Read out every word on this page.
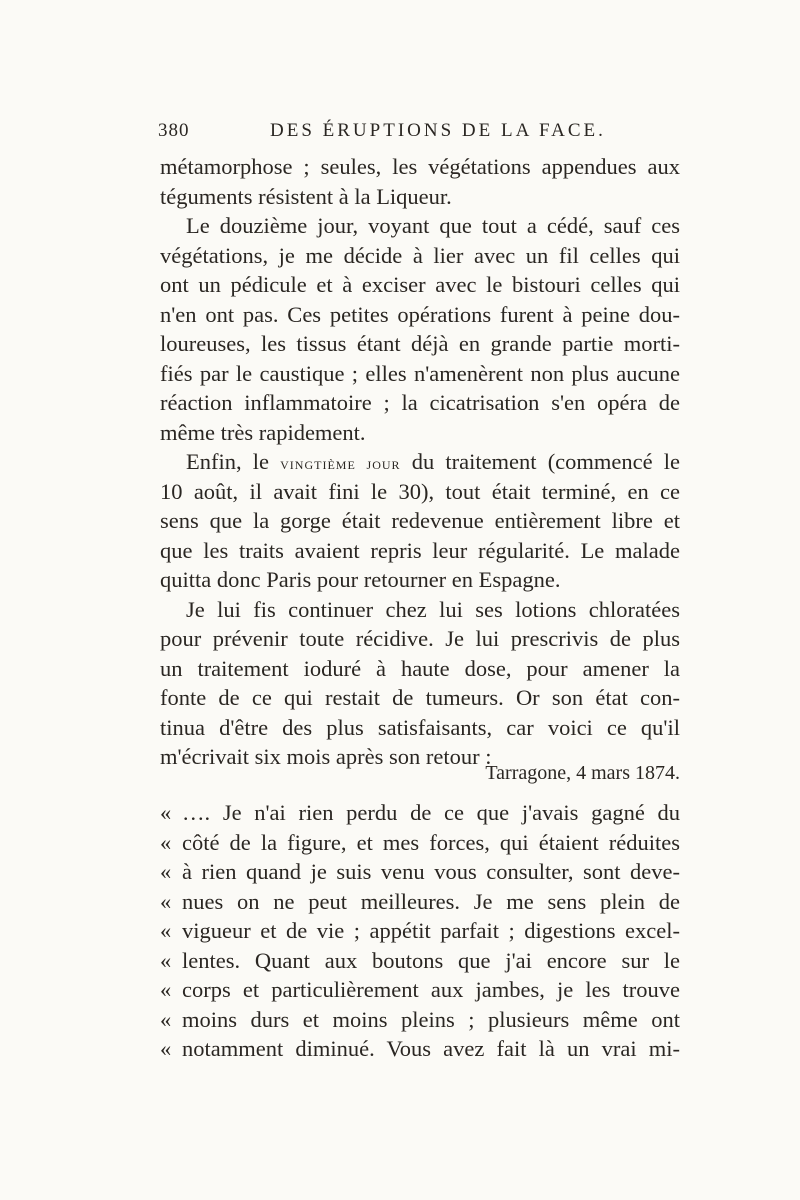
380	DES ÉRUPTIONS DE LA FACE.
métamorphose ; seules, les végétations appendues aux
téguments résistent à la Liqueur.
Le douzième jour, voyant que tout a cédé, sauf ces
végétations, je me décide à lier avec un fil celles qui
ont un pédicule et à exciser avec le bistouri celles qui
n'en ont pas. Ces petites opérations furent à peine dou-
loureuses, les tissus étant déjà en grande partie morti-
fiés par le caustique ; elles n'amenèrent non plus aucune
réaction inflammatoire ; la cicatrisation s'en opéra de
même très rapidement.
Enfin, le vingtième jour du traitement (commencé le
10 août, il avait fini le 30), tout était terminé, en ce
sens que la gorge était redevenue entièrement libre et
que les traits avaient repris leur régularité. Le malade
quitta donc Paris pour retourner en Espagne.
Je lui fis continuer chez lui ses lotions chloratées
pour prévenir toute récidive. Je lui prescrivis de plus
un traitement ioduré à haute dose, pour amener la
fonte de ce qui restait de tumeurs. Or son état con-
tinua d'être des plus satisfaisants, car voici ce qu'il
m'écrivait six mois après son retour :
Tarragone, 4 mars 1874.
« …. Je n'ai rien perdu de ce que j'avais gagné du
« côté de la figure, et mes forces, qui étaient réduites
« à rien quand je suis venu vous consulter, sont deve-
« nues on ne peut meilleures. Je me sens plein de
« vigueur et de vie ; appétit parfait ; digestions excel-
« lentes. Quant aux boutons que j'ai encore sur le
« corps et particulièrement aux jambes, je les trouve
« moins durs et moins pleins ; plusieurs même ont
« notamment diminué. Vous avez fait là un vrai mi-
